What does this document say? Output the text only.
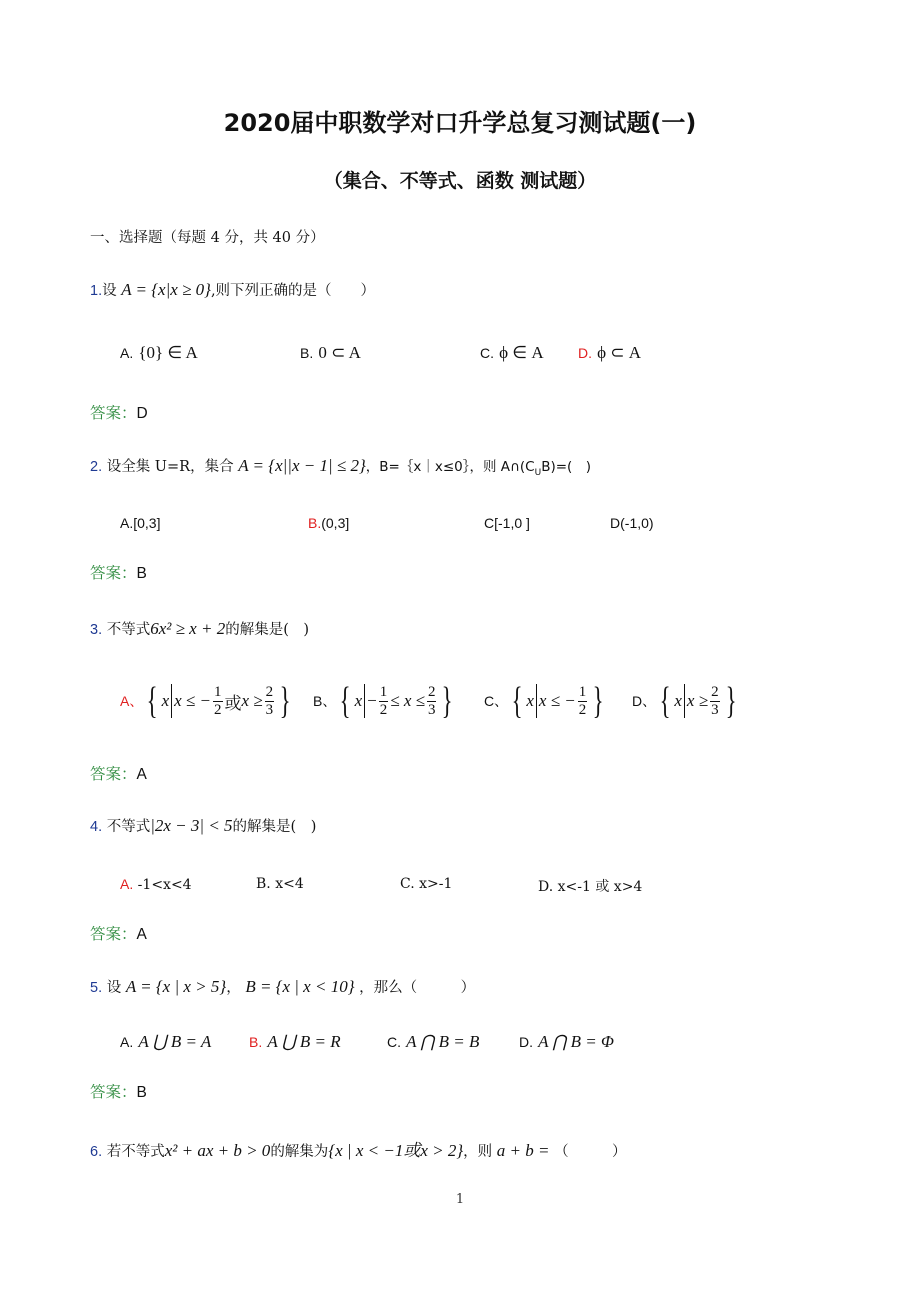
2020届中职数学对口升学总复习测试题(一)
（集合、不等式、函数 测试题）
一、选择题（每题 4 分，共 40 分）
1.设 A = {x|x ≥ 0},则下列正确的是（　　）
A. {0} ∈ A	B. 0 ⊂ A	C. ϕ ∈ A D. ϕ ⊂ A
答案：D
2. 设全集 U=R，集合 A = {x||x − 1| ≤ 2}，B=｛x｜x≤0｝，则 $A\cap(C_UB)=$(　)
A.[0,3]	B.(0,3]	C[-1,0 ]	D(-1,0)
答案：B
3. 不等式6x² ≥ x + 2的解集是(　)
A、 { x x ≤ − $\frac{1}{2}$ 或 $x \ge \frac{2}{3}$ } B、 { $x - \frac{1}{2} \le x \le \frac{2}{3}$ } C、 { x x ≤ − $\frac{1}{2}$ } D、 { x $x \ge \frac{2}{3}$ }
答案：A
4. 不等式|2x − 3| < 5的解集是(　)
A. -1<x<4	B. x<4	C. x>-1	D. x<-1 或 x>4
答案：A
5. 设 A = {x | x > 5}， B = {x | x < 10} ，那么（　　　）
A. A ⋃ B = A	B. A ⋃ B = R	C. A ⋂ B = B	D. A ⋂ B = Φ
答案：B
6. 若不等式x² + ax + b > 0的解集为{x | x < −1或x > 2}，则 a + b = （　　　）
1
